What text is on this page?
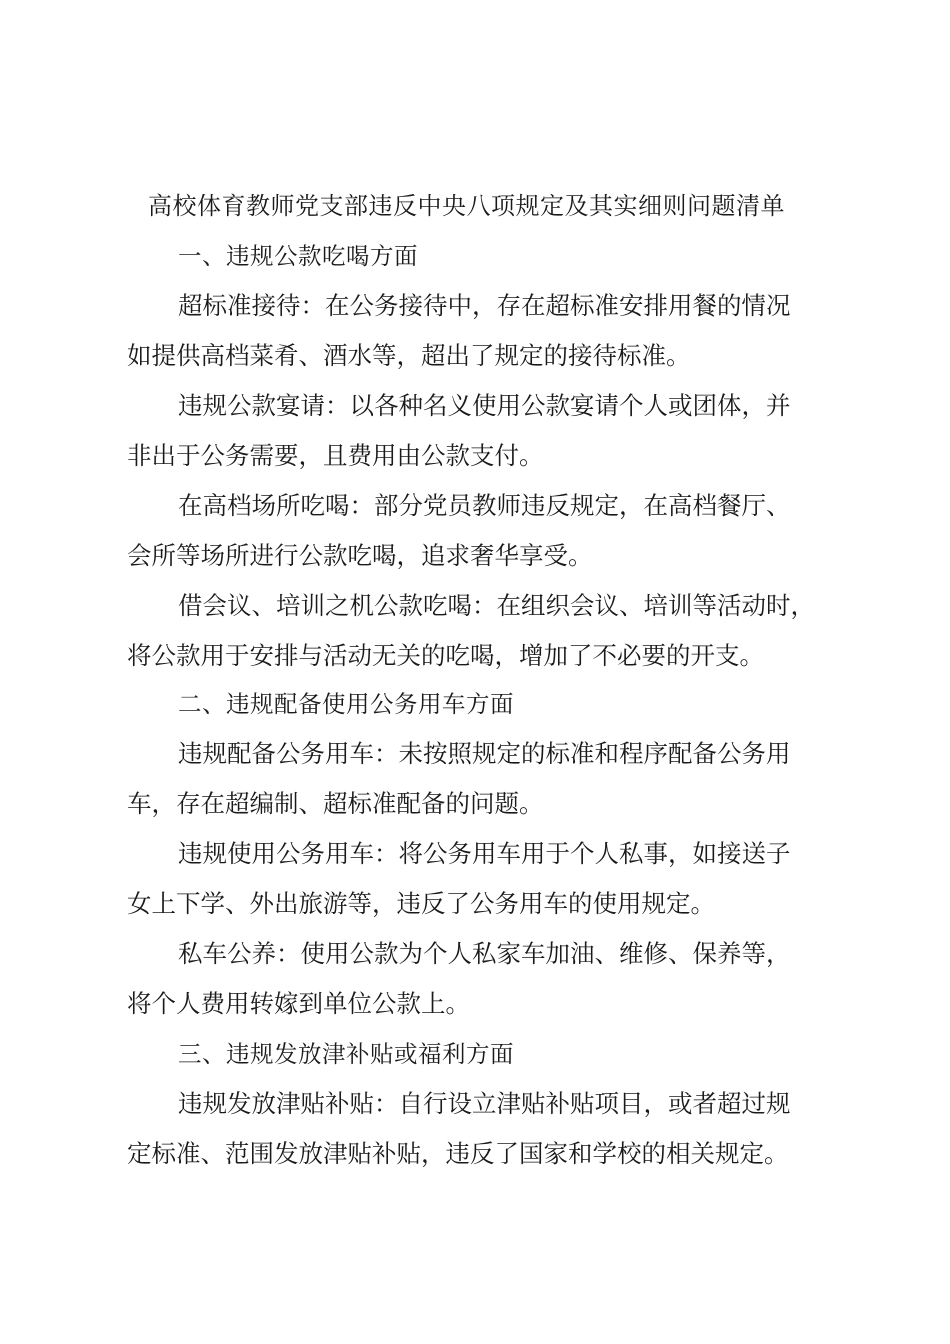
高校体育教师党支部违反中央八项规定及其实细则问题清单
一、违规公款吃喝方面
超标准接待：在公务接待中，存在超标准安排用餐的情况
如提供高档菜肴、酒水等，超出了规定的接待标准。
违规公款宴请：以各种名义使用公款宴请个人或团体，并
非出于公务需要，且费用由公款支付。
在高档场所吃喝：部分党员教师违反规定，在高档餐厅、
会所等场所进行公款吃喝，追求奢华享受。
借会议、培训之机公款吃喝：在组织会议、培训等活动时，
将公款用于安排与活动无关的吃喝，增加了不必要的开支。
二、违规配备使用公务用车方面
违规配备公务用车：未按照规定的标准和程序配备公务用
车，存在超编制、超标准配备的问题。
违规使用公务用车：将公务用车用于个人私事，如接送子
女上下学、外出旅游等，违反了公务用车的使用规定。
私车公养：使用公款为个人私家车加油、维修、保养等，
将个人费用转嫁到单位公款上。
三、违规发放津补贴或福利方面
违规发放津贴补贴：自行设立津贴补贴项目，或者超过规
定标准、范围发放津贴补贴，违反了国家和学校的相关规定。
